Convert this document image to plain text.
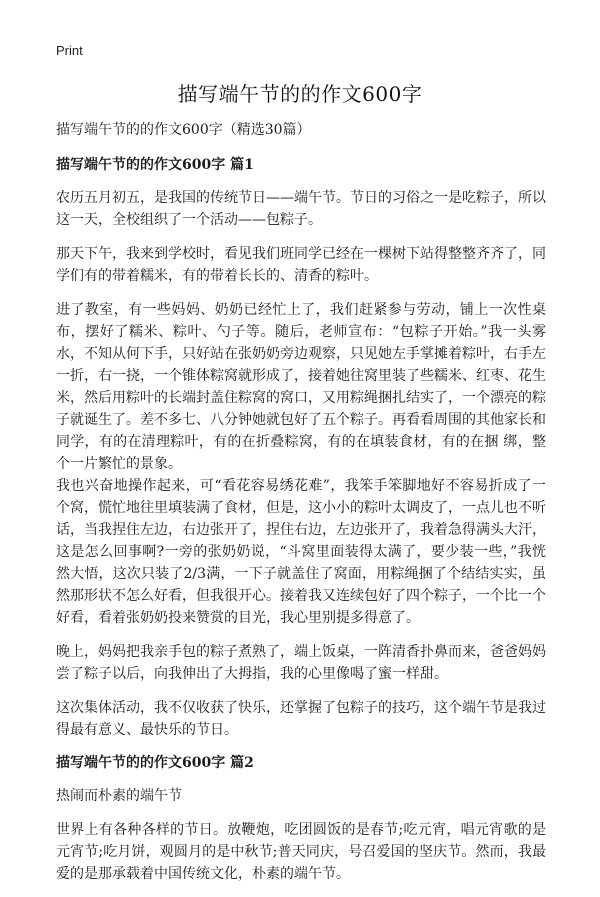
Print
描写端午节的的作文600字
描写端午节的的作文600字（精选30篇）
描写端午节的的作文600字 篇1

农历五月初五，是我国的传统节日——端午节。节日的习俗之一是吃粽子，所以这一天，全校组织了一个活动——包粽子。

那天下午，我来到学校时，看见我们班同学已经在一棵树下站得整整齐齐了，同学们有的带着糯米，有的带着长长的、清香的粽叶。

进了教室，有一些妈妈、奶奶已经忙上了，我们赶紧参与劳动，铺上一次性桌布，摆好了糯米、粽叶、勺子等。随后，老师宣布：“包粽子开始。”我一头雾水，不知从何下手，只好站在张奶奶旁边观察，只见她左手掌摊着粽叶，右手左一折，右一挠，一个锥体粽窝就形成了，接着她往窝里装了些糯米、红枣、花生米，然后用粽叶的长端封盖住粽窝的窝口，又用粽绳捆扎结实了，一个漂亮的粽子就诞生了。差不多七、八分钟她就包好了五个粽子。再看看周围的其他家长和同学，有的在清理粽叶，有的在折叠粽窝，有的在填装食材，有的在捆 绑，整个一片繁忙的景象。

我也兴奋地操作起来，可“看花容易绣花难”，我笨手笨脚地好不容易折成了一个窝，慌忙地往里填装满了食材，但是，这小小的粽叶太调皮了，一点儿也不听话，当我捏住左边，右边张开了，捏住右边，左边张开了，我着急得满头大汗，这是怎么回事啊?一旁的张奶奶说，“斗窝里面装得太满了，要少装一些，”我恍然大悟，这次只装了2/3满，一下子就盖住了窝面，用粽绳捆了个结结实实，虽然那形状不怎么好看，但我很开心。接着我又连续包好了四个粽子，一个比一个好看，看着张奶奶投来赞赏的目光，我心里别提多得意了。

晚上，妈妈把我亲手包的粽子煮熟了，端上饭桌，一阵清香扑鼻而来，爸爸妈妈尝了粽子以后，向我伸出了大拇指，我的心里像喝了蜜一样甜。

这次集体活动，我不仅收获了快乐，还掌握了包粽子的技巧，这个端午节是我过得最有意义、最快乐的节日。

描写端午节的的作文600字 篇2

热闹而朴素的端午节

世界上有各种各样的节日。放鞭炮，吃团圆饭的是春节;吃元宵，唱元宵歌的是元宵节;吃月饼，观圆月的是中秋节;普天同庆，号召爱国的坚庆节。然而，我最爱的是那承载着中国传统文化，朴素的端午节。
